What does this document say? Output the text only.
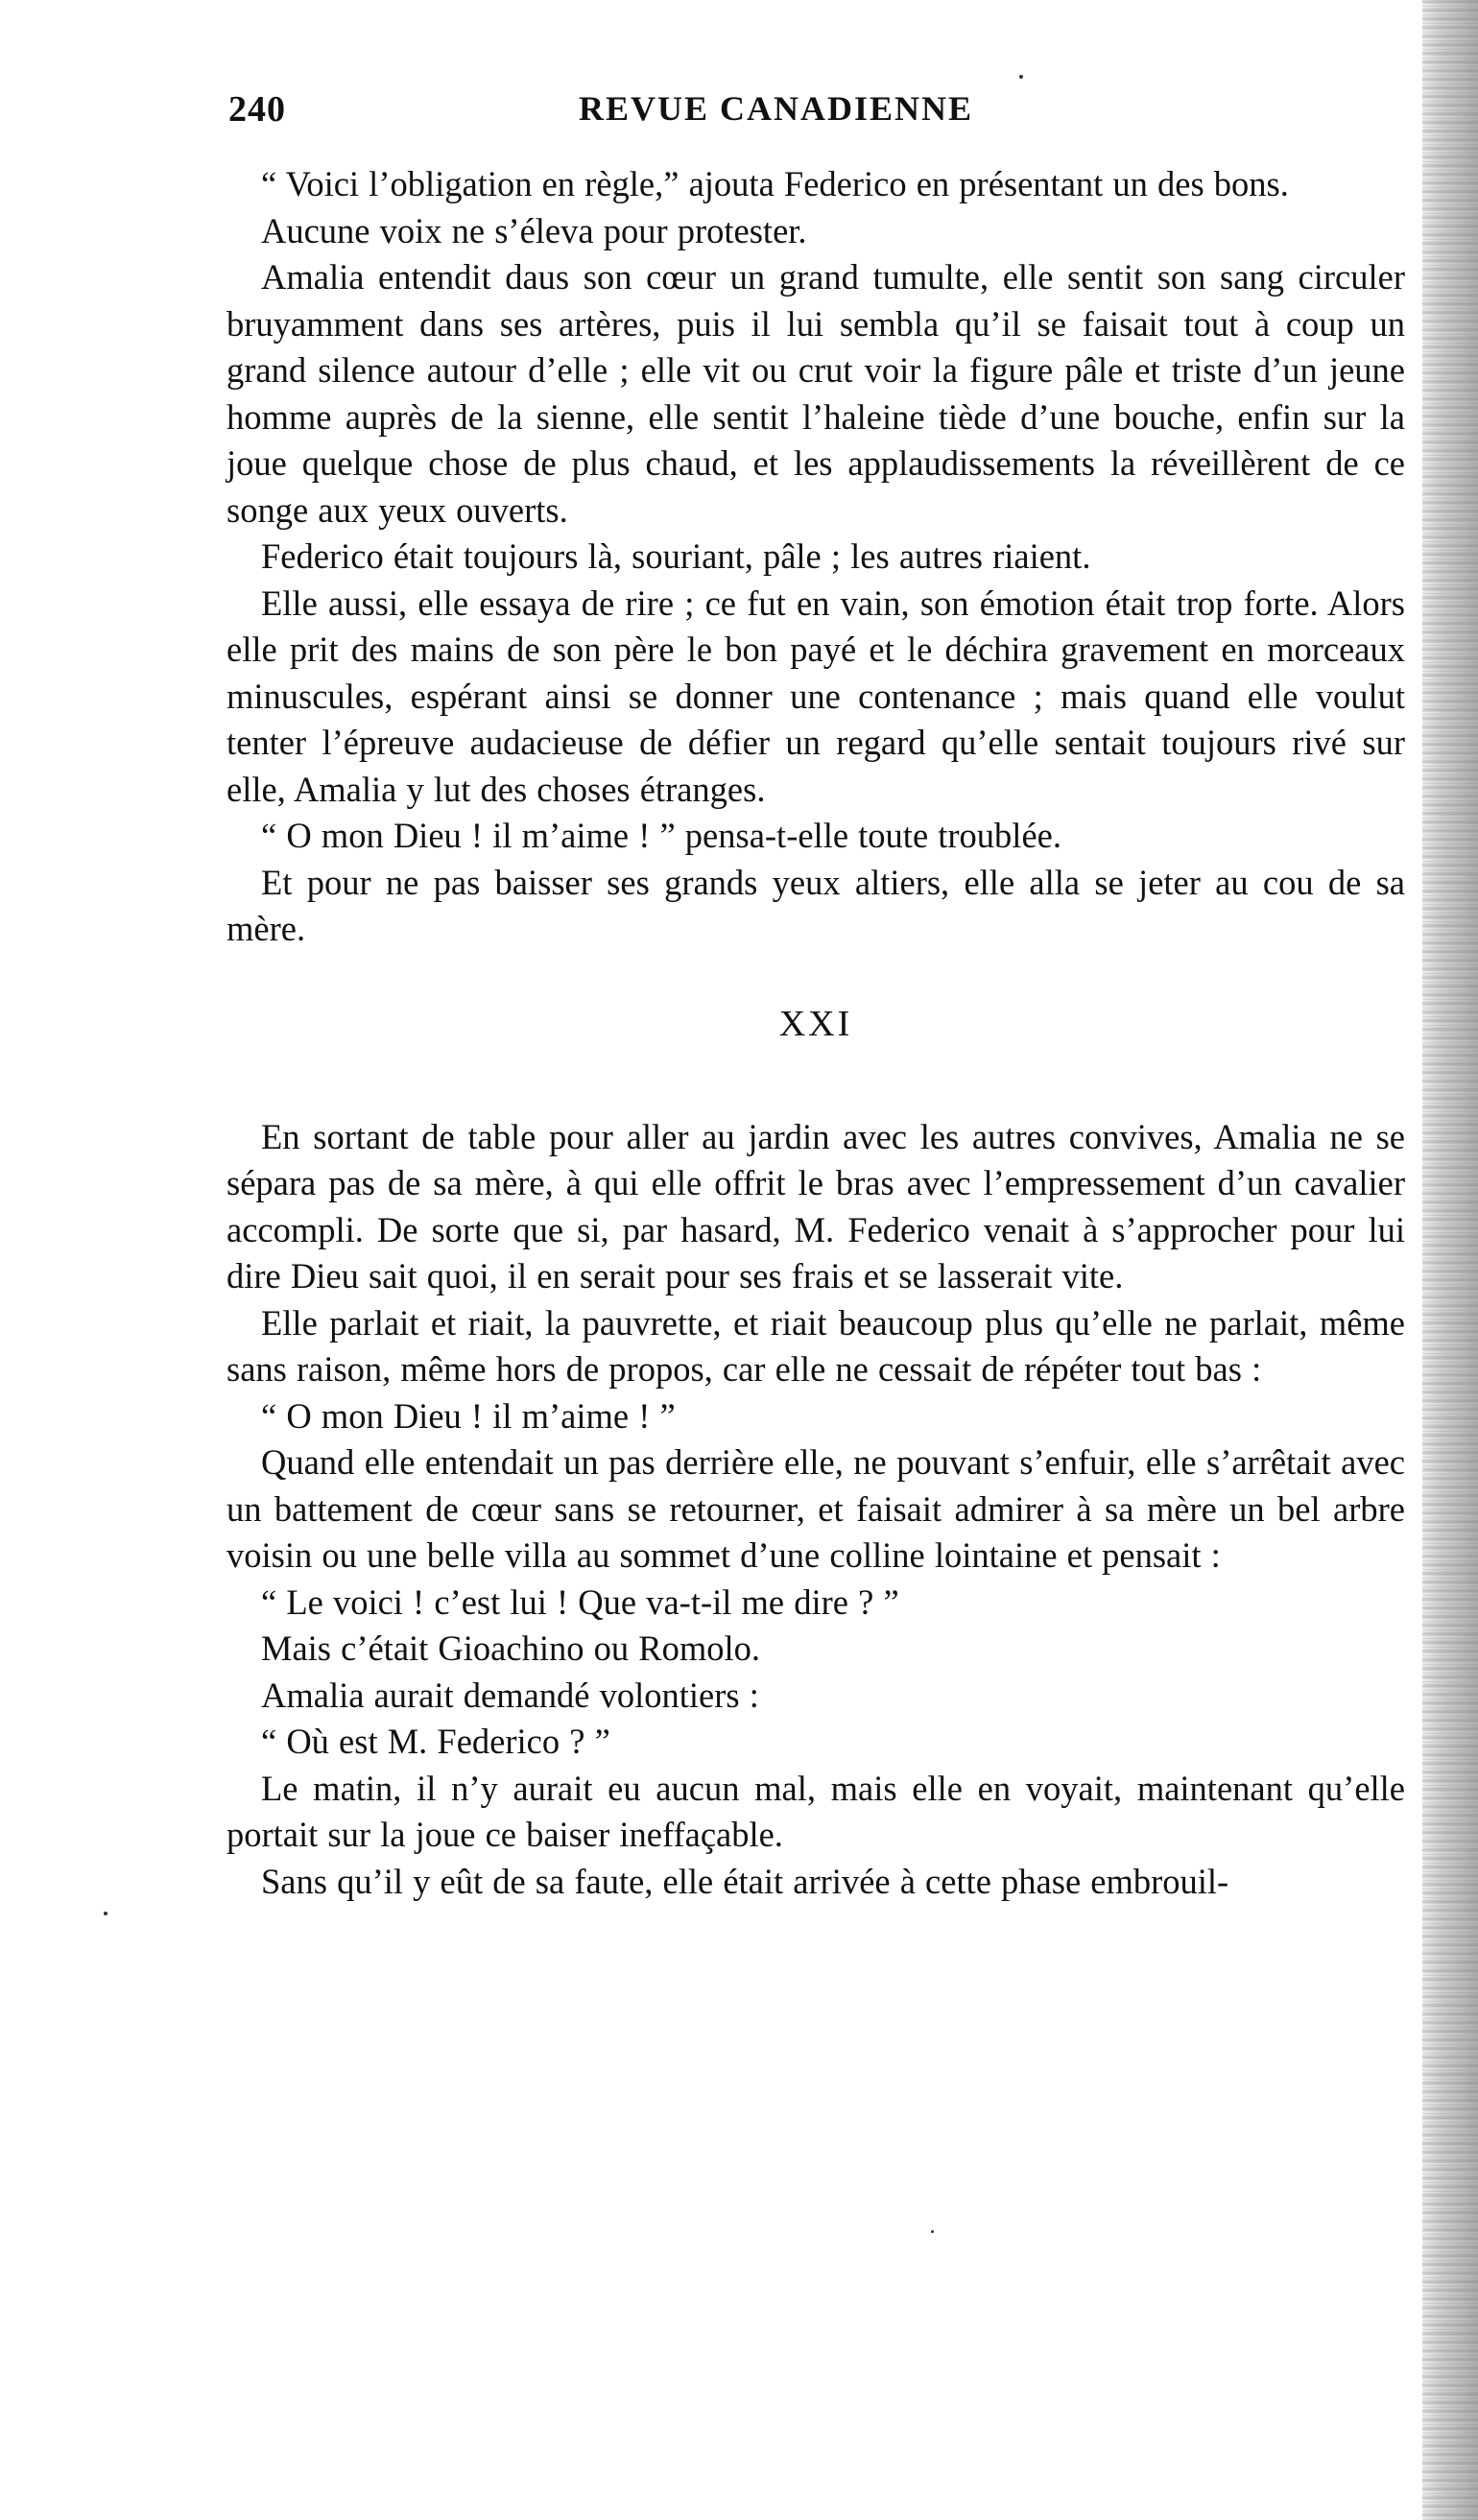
240	REVUE CANADIENNE

“ Voici l’obligation en règle,” ajouta Federico en présentant un des bons.

Aucune voix ne s’éleva pour protester.

Amalia entendit daus son cœur un grand tumulte, elle sentit son sang circuler bruyamment dans ses artères, puis il lui sembla qu’il se faisait tout à coup un grand silence autour d’elle ; elle vit ou crut voir la figure pâle et triste d’un jeune homme auprès de la sienne, elle sentit l’haleine tiède d’une bouche, enfin sur la joue quelque chose de plus chaud, et les applaudissements la réveillèrent de ce songe aux yeux ouverts.

Federico était toujours là, souriant, pâle ; les autres riaient.

Elle aussi, elle essaya de rire ; ce fut en vain, son émotion était trop forte. Alors elle prit des mains de son père le bon payé et le déchira gravement en morceaux minuscules, espérant ainsi se donner une contenance ; mais quand elle voulut tenter l’épreuve audacieuse de défier un regard qu’elle sentait toujours rivé sur elle, Amalia y lut des choses étranges.

“ O mon Dieu ! il m’aime ! ” pensa-t-elle toute troublée.

Et pour ne pas baisser ses grands yeux altiers, elle alla se jeter au cou de sa mère.

XXI

En sortant de table pour aller au jardin avec les autres convives, Amalia ne se sépara pas de sa mère, à qui elle offrit le bras avec l’empressement d’un cavalier accompli. De sorte que si, par hasard, M. Federico venait à s’approcher pour lui dire Dieu sait quoi, il en serait pour ses frais et se lasserait vite.

Elle parlait et riait, la pauvrette, et riait beaucoup plus qu’elle ne parlait, même sans raison, même hors de propos, car elle ne cessait de répéter tout bas :

“ O mon Dieu ! il m’aime ! ”

Quand elle entendait un pas derrière elle, ne pouvant s’enfuir, elle s’arrêtait avec un battement de cœur sans se retourner, et faisait admirer à sa mère un bel arbre voisin ou une belle villa au sommet d’une colline lointaine et pensait :

“ Le voici ! c’est lui ! Que va-t-il me dire ? ”

Mais c’était Gioachino ou Romolo.

Amalia aurait demandé volontiers :

“ Où est M. Federico ? ”

Le matin, il n’y aurait eu aucun mal, mais elle en voyait, maintenant qu’elle portait sur la joue ce baiser ineffaçable.

Sans qu’il y eût de sa faute, elle était arrivée à cette phase embrouil-
